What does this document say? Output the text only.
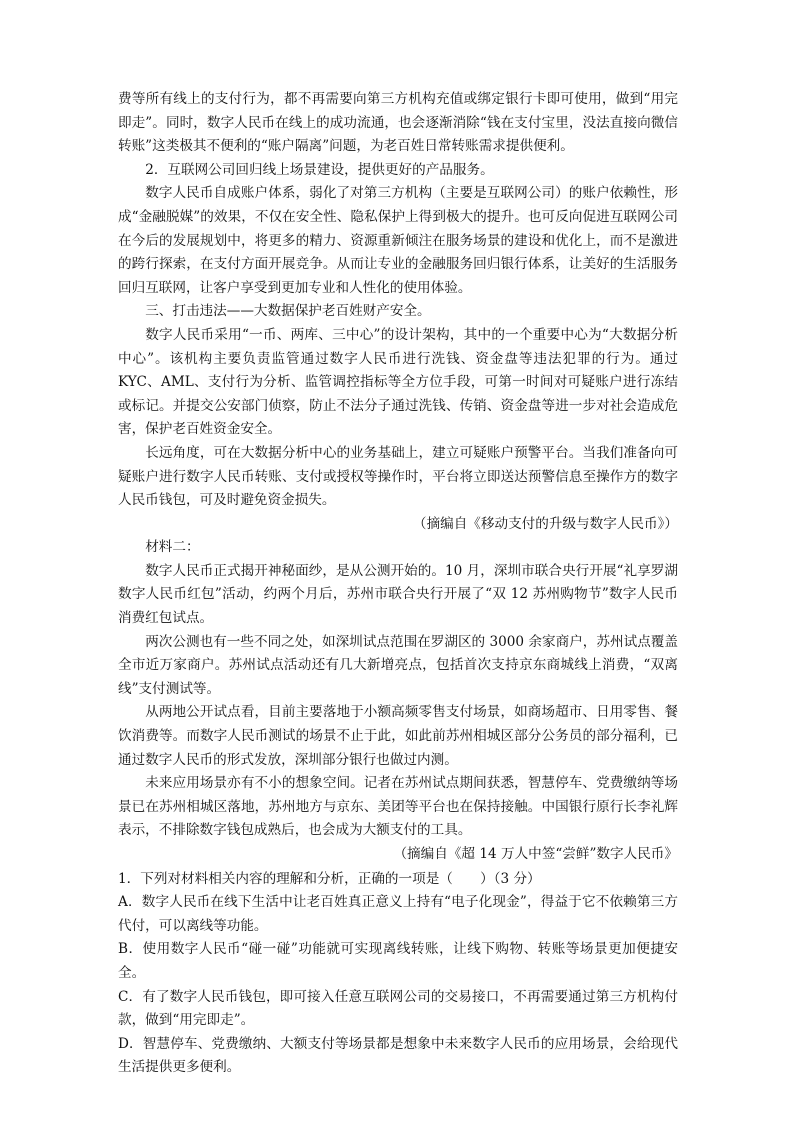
费等所有线上的支付行为，都不再需要向第三方机构充值或绑定银行卡即可使用，做到“用完即走”。同时，数字人民币在线上的成功流通，也会逐渐消除“钱在支付宝里，没法直接向微信转账”这类极其不便利的“账户隔离”问题，为老百姓日常转账需求提供便利。

2．互联网公司回归线上场景建设，提供更好的产品服务。

数字人民币自成账户体系，弱化了对第三方机构（主要是互联网公司）的账户依赖性，形成“金融脱媒”的效果，不仅在安全性、隐私保护上得到极大的提升。也可反向促进互联网公司在今后的发展规划中，将更多的精力、资源重新倾注在服务场景的建设和优化上，而不是激进的跨行探索，在支付方面开展竞争。从而让专业的金融服务回归银行体系，让美好的生活服务回归互联网，让客户享受到更加专业和人性化的使用体验。

三、打击违法——大数据保护老百姓财产安全。

数字人民币采用“一币、两库、三中心”的设计架构，其中的一个重要中心为“大数据分析中心”。该机构主要负责监管通过数字人民币进行洗钱、资金盘等违法犯罪的行为。通过 KYC、AML、支付行为分析、监管调控指标等全方位手段，可第一时间对可疑账户进行冻结或标记。并提交公安部门侦察，防止不法分子通过洗钱、传销、资金盘等进一步对社会造成危害，保护老百姓资金安全。

长远角度，可在大数据分析中心的业务基础上，建立可疑账户预警平台。当我们准备向可疑账户进行数字人民币转账、支付或授权等操作时，平台将立即送达预警信息至操作方的数字人民币钱包，可及时避免资金损失。

（摘编自《移动支付的升级与数字人民币》）

材料二：

数字人民币正式揭开神秘面纱，是从公测开始的。10 月，深圳市联合央行开展“礼享罗湖数字人民币红包”活动，约两个月后，苏州市联合央行开展了“双 12 苏州购物节”数字人民币消费红包试点。

两次公测也有一些不同之处，如深圳试点范围在罗湖区的 3000 余家商户，苏州试点覆盖全市近万家商户。苏州试点活动还有几大新增亮点，包括首次支持京东商城线上消费，“双离线”支付测试等。

从两地公开试点看，目前主要落地于小额高频零售支付场景，如商场超市、日用零售、餐饮消费等。而数字人民币测试的场景不止于此，如此前苏州相城区部分公务员的部分福利，已通过数字人民币的形式发放，深圳部分银行也做过内测。

未来应用场景亦有不小的想象空间。记者在苏州试点期间获悉，智慧停车、党费缴纳等场景已在苏州相城区落地，苏州地方与京东、美团等平台也在保持接触。中国银行原行长李礼辉表示，不排除数字钱包成熟后，也会成为大额支付的工具。

（摘编自《超 14 万人中签“尝鲜”数字人民币》

1．下列对材料相关内容的理解和分析，正确的一项是（　　）（3 分）

A．数字人民币在线下生活中让老百姓真正意义上持有“电子化现金”，得益于它不依赖第三方代付，可以离线等功能。

B．使用数字人民币“碰一碰”功能就可实现离线转账，让线下购物、转账等场景更加便捷安全。

C．有了数字人民币钱包，即可接入任意互联网公司的交易接口，不再需要通过第三方机构付款，做到“用完即走”。

D．智慧停车、党费缴纳、大额支付等场景都是想象中未来数字人民币的应用场景，会给现代生活提供更多便利。
